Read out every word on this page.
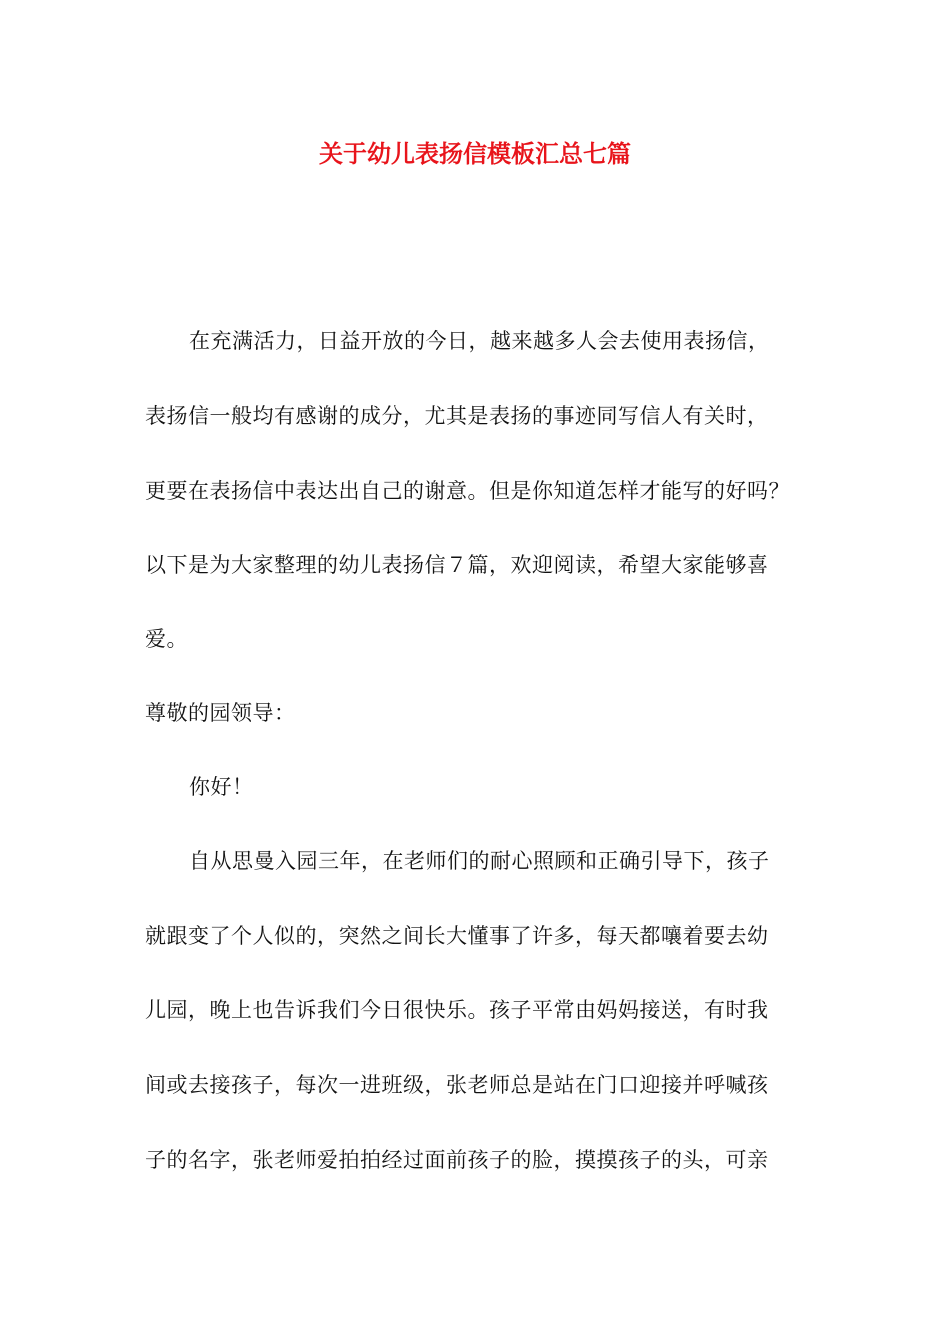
关于幼儿表扬信模板汇总七篇
在充满活力，日益开放的今日，越来越多人会去使用表扬信，
表扬信一般均有感谢的成分，尤其是表扬的事迹同写信人有关时，
更要在表扬信中表达出自己的谢意。但是你知道怎样才能写的好吗？
以下是为大家整理的幼儿表扬信７篇，欢迎阅读，希望大家能够喜
爱。
尊敬的园领导：
你好！
自从思曼入园三年，在老师们的耐心照顾和正确引导下，孩子
就跟变了个人似的，突然之间长大懂事了许多，每天都嚷着要去幼
儿园，晚上也告诉我们今日很快乐。孩子平常由妈妈接送，有时我
间或去接孩子，每次一进班级，张老师总是站在门口迎接并呼喊孩
子的名字，张老师爱拍拍经过面前孩子的脸，摸摸孩子的头，可亲
